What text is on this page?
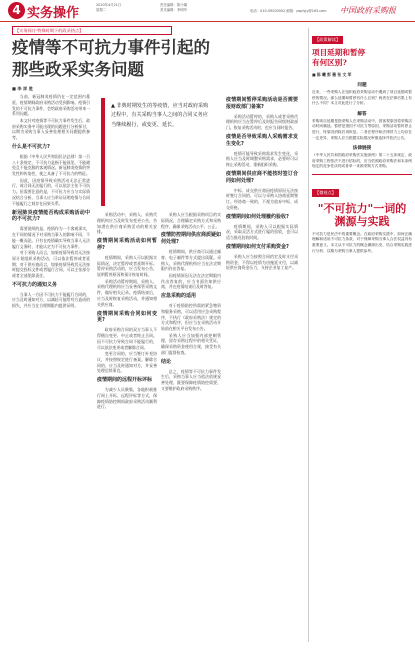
4 实务操作
2020年4月21日
星期二
责任编辑：陈小娜
美术编辑：李明华	电话：010-59200002 邮箱：psplyjy@163.com	中国政府采购报
【实务探讨·特殊时期下的政采热点】
疫情等不可抗力事件引起的
那些政采实务问题
■ 李 祥 胜
当前，新冠肺炎疫情仍在一定范围内蔓延，疫情期间政府采购活动受到影响。疫情引发的不可抗力事件，会给政府采购活动带来一系列问题。
本文针对疫情等不可抗力事件发生后，政府采购实务中可能出现的问题进行分析探讨，以期为采购当事人妥善处理相关问题提供参考。
什么是不可抗力?
根据《中华人民共和国民法总则》第一百八十条规定，不可抗力是指不能预见、不能避免且不能克服的客观情况。新冠肺炎疫情的突发性和传染性，使之具备了不可抗力的特征。
因此，因疫情导致采购活动无法正常进行，或合同无法履行的，可以依法主张不可抗力。但需要注意的是，不可抗力应当与实际情况结合分析，当事人应当举证证明疫情与合同不能履行之间存在因果关系。
新冠肺炎疫情能否构成采购活动中的不可抗力?
需要说明的是，疫情作为一个客观事实，在不同的情况下对采购当事人的影响不同，不能一概而论。只有在疫情确实导致当事人无法履行义务时，才能认定为不可抗力事件。
对于采购人而言，如果疫情导致其无法按原计划组织采购活动，可以依法暂停或者延期；对于供应商而言，如果疫情导致其无法按时提交投标文件或者履行合同，可以主张部分或者全部免除责任。
不可抗力的通知义务
当事人一方因不可抗力不能履行合同的，应当及时通知对方，以减轻可能给对方造成的损失，并应当在合理期限内提供证明。
采购活动中，采购人、采购代理机构应当及时发布变更公告，告知潜在供应商采购活动的相关安排。
疫情期间采购活动如何暂停?
疫情期间，采购人可以根据实际情况，决定暂停或者延期开标。暂停采购活动的，应当发布公告，说明暂停原因和预计恢复时间。
采购活动暂停期间，采购人、采购代理机构应当妥善保管采购文件，做好相关记录。疫情结束后，应当及时恢复采购活动，并通知相关供应商。
疫情期间采购合同如何变更?
政府采购合同的双方当事人不得擅自变更、中止或者终止合同。因不可抗力导致合同不能履行的，可以依法变更或者解除合同。
变更合同的，应当签订补充协议，并按照规定进行备案。解除合同的，应当及时通知对方，并妥善处理后续事宜。
疫情期间的远程开标评标
为减少人员聚集，各地积极推行网上开标、远程评标等方式，保障疫情防控期间政府采购活动顺利进行。
采购人应当根据采购项目的实际情况，合理确定采购方式和采购程序，确保采购活动公平、公正。
疫情防控期间供应商质疑如何处理?
疫情期间，供应商可以通过邮寄、电子邮件等方式提出质疑。采购人、采购代理机构应当在法定期限内作出答复。
因疫情原因无法在法定期限内作出答复的，应当书面告知供应商，并在疫情结束后及时答复。
应急采购的适用
对于疫情防控所需的紧急物资和服务采购，可以适用应急采购程序，不执行《政府采购法》规定的方式和程序，但应当在采购活动开始前在相关平台发布公告。
采购人应当加强内部控制管理，留存采购过程中的相关凭证，确保采购资金使用合规，接受有关部门监督检查。
结论
总之，疫情等不可抗力事件发生后，采购当事人应当依法依规妥善处理，既要保障疫情防控需要，又要维护政府采购秩序。
疫情期间暂停采购活动是否需要报财政部门备案?
采购活动暂停的，采购人或者采购代理机构应当在暂停后及时报告同级财政部门。恢复采购活动时，也应当同时报告。
疫情是否导致采购人采购需求发生变化?
疫情可能导致采购需求发生变化，采购人应当及时调整采购需求，必要时可以终止采购活动，重新组织采购。
疫情期间供应商不能按时签订合同如何处理?
中标、成交供应商因疫情原因无法按时签订合同的，可以与采购人协商延期签订。经协商一致的，不视为放弃中标、成交资格。
疫情期间如何处理履约验收?
疫情期间，采购人可以根据实际情况，采取灵活方式进行履约验收，也可以适当推迟验收时间。
疫情期间如何支付采购资金?
采购人应当按照合同约定及时支付采购资金，不得以疫情为由拖延支付，以减轻供应商资金压力，支持企业复工复产。
▲ 非典时期发生的等疫情，应当对政府采购过程中，有关采购当事人之间的合同义务应当继续履行，或变更、延长。
【政策解读】
项目延期和暂停
有何区别?
■ 陈 曦 彭 薇 张 文 军
问题
近来，一些采购人在组织政府采购活动中遇到了项目延期或暂停的情况。那么延期和暂停有什么区别？两者在法律后果上有什么不同？本文对此进行了分析。
解答
采购项目延期是指采购人在采购活动中，因客观原因将采购活动时间顺延。暂停是指因不可抗力等原因，采购活动暂时停止进行，待原因消除后再恢复。二者在程序和法律效力上均存在一定差异，采购人应当根据实际情况审慎选择并依法公告。
法律链接
《中华人民共和国政府采购法实施条例》第二十五条规定，政府采购工程依法不进行招标的，应当依照政府采购法和本条例规定的竞争性谈判或者单一来源采购方式采购。
【微观点】
"不可抗力"一词的
渊源与实践
不可抗力是民法中的重要概念。在政府采购实践中，如何正确理解和适用不可抗力条款，对于保障采购当事人合法权益具有重要意义。本文从不可抗力的概念渊源出发，结合采购实践进行分析，以期为采购当事人提供参考。
